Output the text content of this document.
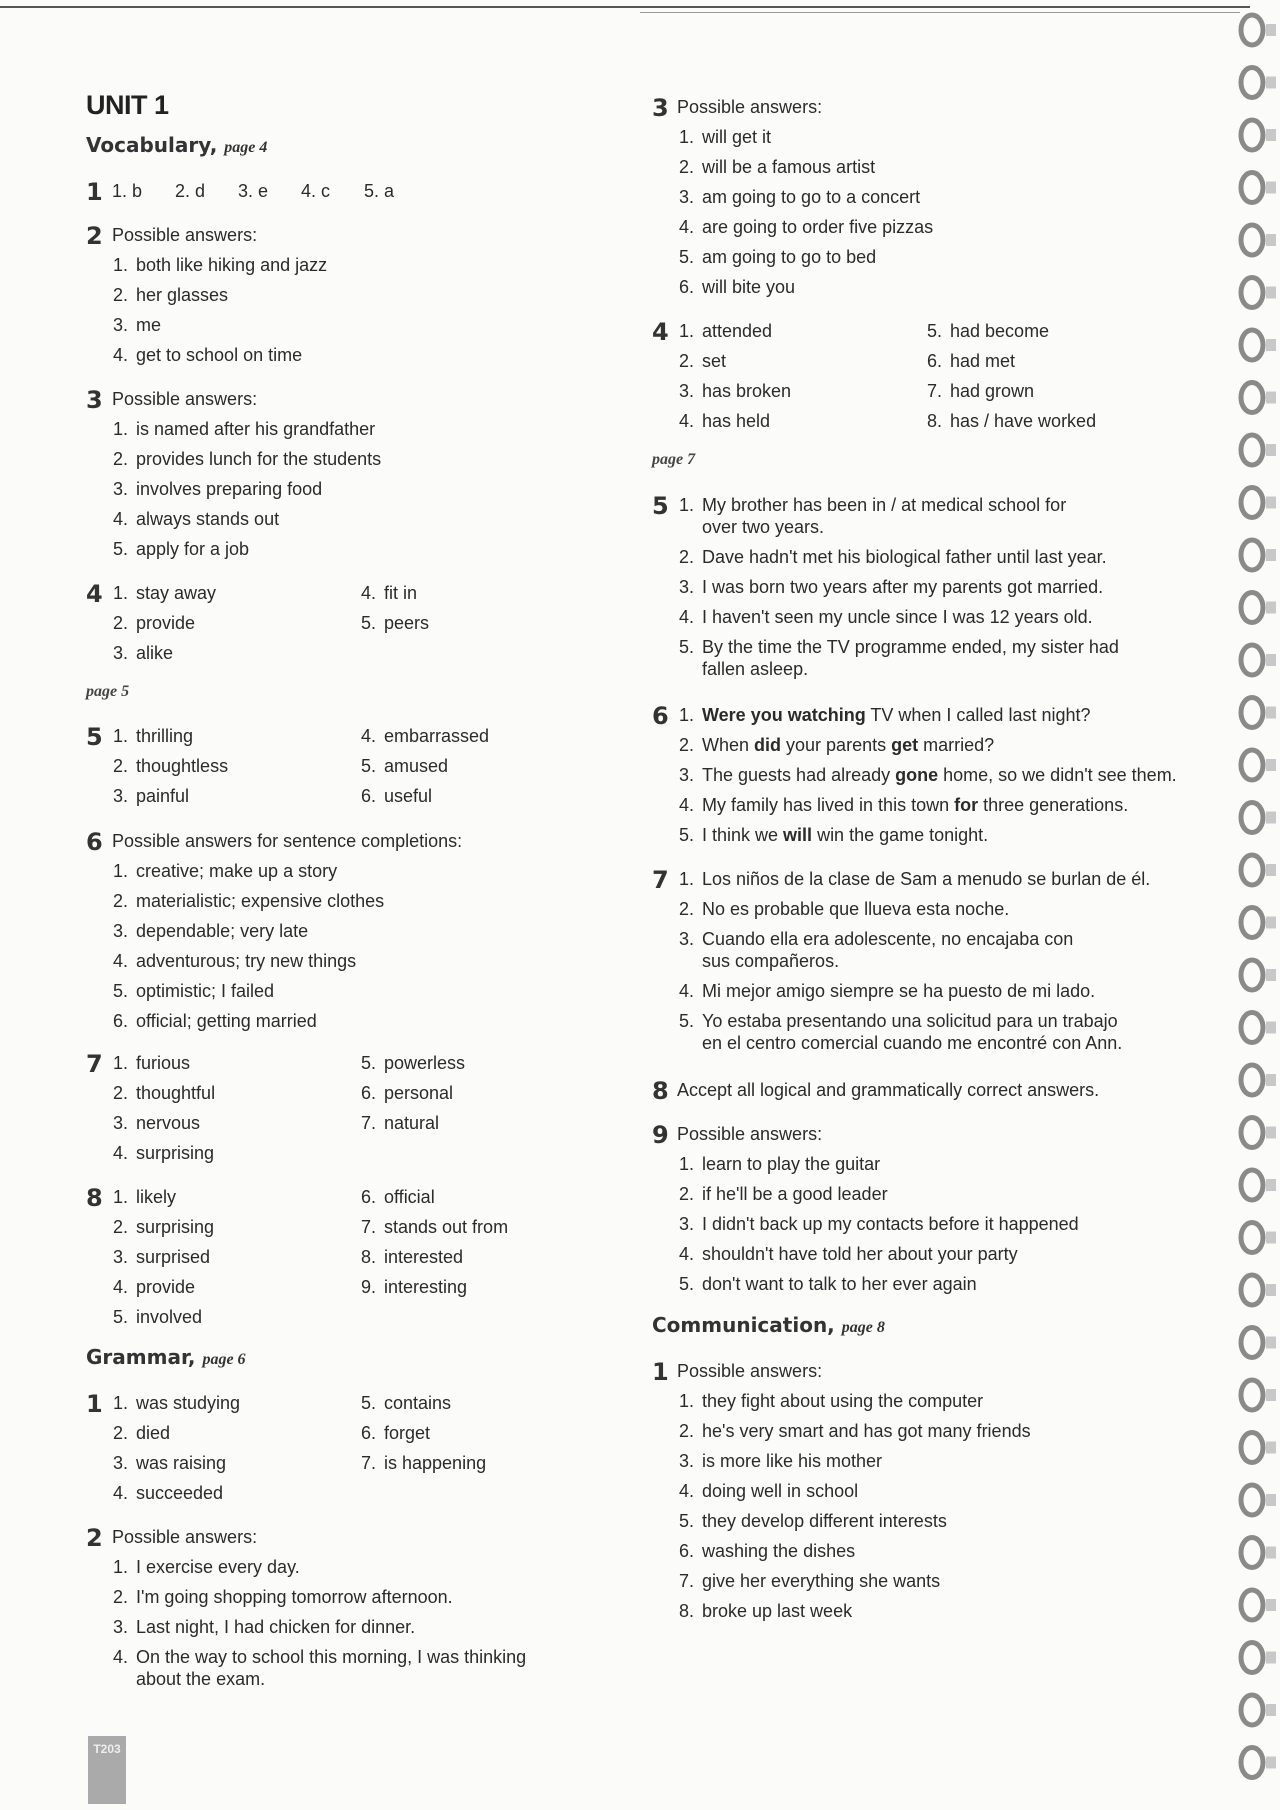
UNIT 1
Vocabulary, page 4
1 1. b 2. d 3. e 4. c 5. a
2 Possible answers:
1. both like hiking and jazz
2. her glasses
3. me
4. get to school on time
3 Possible answers:
1. is named after his grandfather
2. provides lunch for the students
3. involves preparing food
4. always stands out
5. apply for a job
4 1. stay away
2. provide
3. alike
4. fit in
5. peers
page 5
5 1. thrilling
2. thoughtless
3. painful
4. embarrassed
5. amused
6. useful
6 Possible answers for sentence completions:
1. creative; make up a story
2. materialistic; expensive clothes
3. dependable; very late
4. adventurous; try new things
5. optimistic; I failed
6. official; getting married
7 1. furious
2. thoughtful
3. nervous
4. surprising
5. powerless
6. personal
7. natural
8 1. likely
2. surprising
3. surprised
4. provide
5. involved
6. official
7. stands out from
8. interested
9. interesting
Grammar, page 6
1 1. was studying
2. died
3. was raising
4. succeeded
5. contains
6. forget
7. is happening
2 Possible answers:
1. I exercise every day.
2. I'm going shopping tomorrow afternoon.
3. Last night, I had chicken for dinner.
4. On the way to school this morning, I was thinking about the exam.
T203
3 Possible answers:
1. will get it
2. will be a famous artist
3. am going to go to a concert
4. are going to order five pizzas
5. am going to go to bed
6. will bite you
4 1. attended
2. set
3. has broken
4. has held
5. had become
6. had met
7. had grown
8. has / have worked
page 7
5 1. My brother has been in / at medical school for over two years.
2. Dave hadn't met his biological father until last year.
3. I was born two years after my parents got married.
4. I haven't seen my uncle since I was 12 years old.
5. By the time the TV programme ended, my sister had fallen asleep.
6 1. Were you watching TV when I called last night?
2. When did your parents get married?
3. The guests had already gone home, so we didn't see them.
4. My family has lived in this town for three generations.
5. I think we will win the game tonight.
7 1. Los niños de la clase de Sam a menudo se burlan de él.
2. No es probable que llueva esta noche.
3. Cuando ella era adolescente, no encajaba con sus compañeros.
4. Mi mejor amigo siempre se ha puesto de mi lado.
5. Yo estaba presentando una solicitud para un trabajo en el centro comercial cuando me encontré con Ann.
8 Accept all logical and grammatically correct answers.
9 Possible answers:
1. learn to play the guitar
2. if he'll be a good leader
3. I didn't back up my contacts before it happened
4. shouldn't have told her about your party
5. don't want to talk to her ever again
Communication, page 8
1 Possible answers:
1. they fight about using the computer
2. he's very smart and has got many friends
3. is more like his mother
4. doing well in school
5. they develop different interests
6. washing the dishes
7. give her everything she wants
8. broke up last week
